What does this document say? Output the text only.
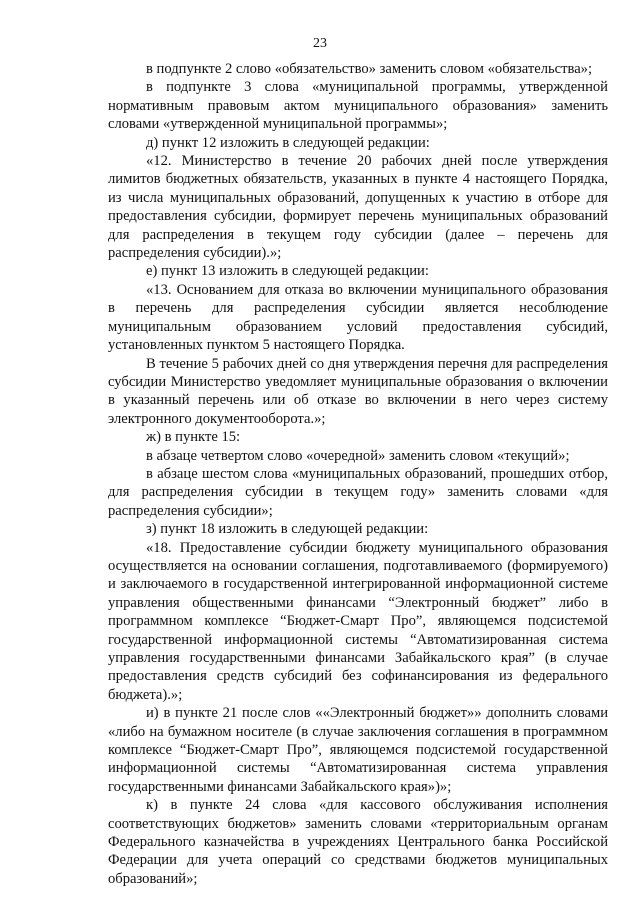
23

в подпункте 2 слово «обязательство» заменить словом «обязательства»;

в подпункте 3 слова «муниципальной программы, утвержденной нормативным правовым актом муниципального образования» заменить словами «утвержденной муниципальной программы»;

д) пункт 12 изложить в следующей редакции:

«12. Министерство в течение 20 рабочих дней после утверждения лимитов бюджетных обязательств, указанных в пункте 4 настоящего Порядка, из числа муниципальных образований, допущенных к участию в отборе для предоставления субсидии, формирует перечень муниципальных образований для распределения в текущем году субсидии (далее – перечень для распределения субсидии).»;

е) пункт 13 изложить в следующей редакции:

«13. Основанием для отказа во включении муниципального образования в перечень для распределения субсидии является несоблюдение муниципальным образованием условий предоставления субсидий, установленных пунктом 5 настоящего Порядка.

В течение 5 рабочих дней со дня утверждения перечня для распределения субсидии Министерство уведомляет муниципальные образования о включении в указанный перечень или об отказе во включении в него через систему электронного документооборота.»;

ж) в пункте 15:

в абзаце четвертом слово «очередной» заменить словом «текущий»;

в абзаце шестом слова «муниципальных образований, прошедших отбор, для распределения субсидии в текущем году» заменить словами «для распределения субсидии»;

з) пункт 18 изложить в следующей редакции:

«18. Предоставление субсидии бюджету муниципального образования осуществляется на основании соглашения, подготавливаемого (формируемого) и заключаемого в государственной интегрированной информационной системе управления общественными финансами “Электронный бюджет” либо в программном комплексе “Бюджет-Смарт Про”, являющемся подсистемой государственной информационной системы “Автоматизированная система управления государственными финансами Забайкальского края” (в случае предоставления средств субсидий без софинансирования из федерального бюджета).»;

и) в пункте 21 после слов ««Электронный бюджет»» дополнить словами «либо на бумажном носителе (в случае заключения соглашения в программном комплексе “Бюджет-Смарт Про”, являющемся подсистемой государственной информационной системы “Автоматизированная система управления государственными финансами Забайкальского края»)»;

к) в пункте 24 слова «для кассового обслуживания исполнения соответствующих бюджетов» заменить словами «территориальным органам Федерального казначейства в учреждениях Центрального банка Российской Федерации для учета операций со средствами бюджетов муниципальных образований»;
